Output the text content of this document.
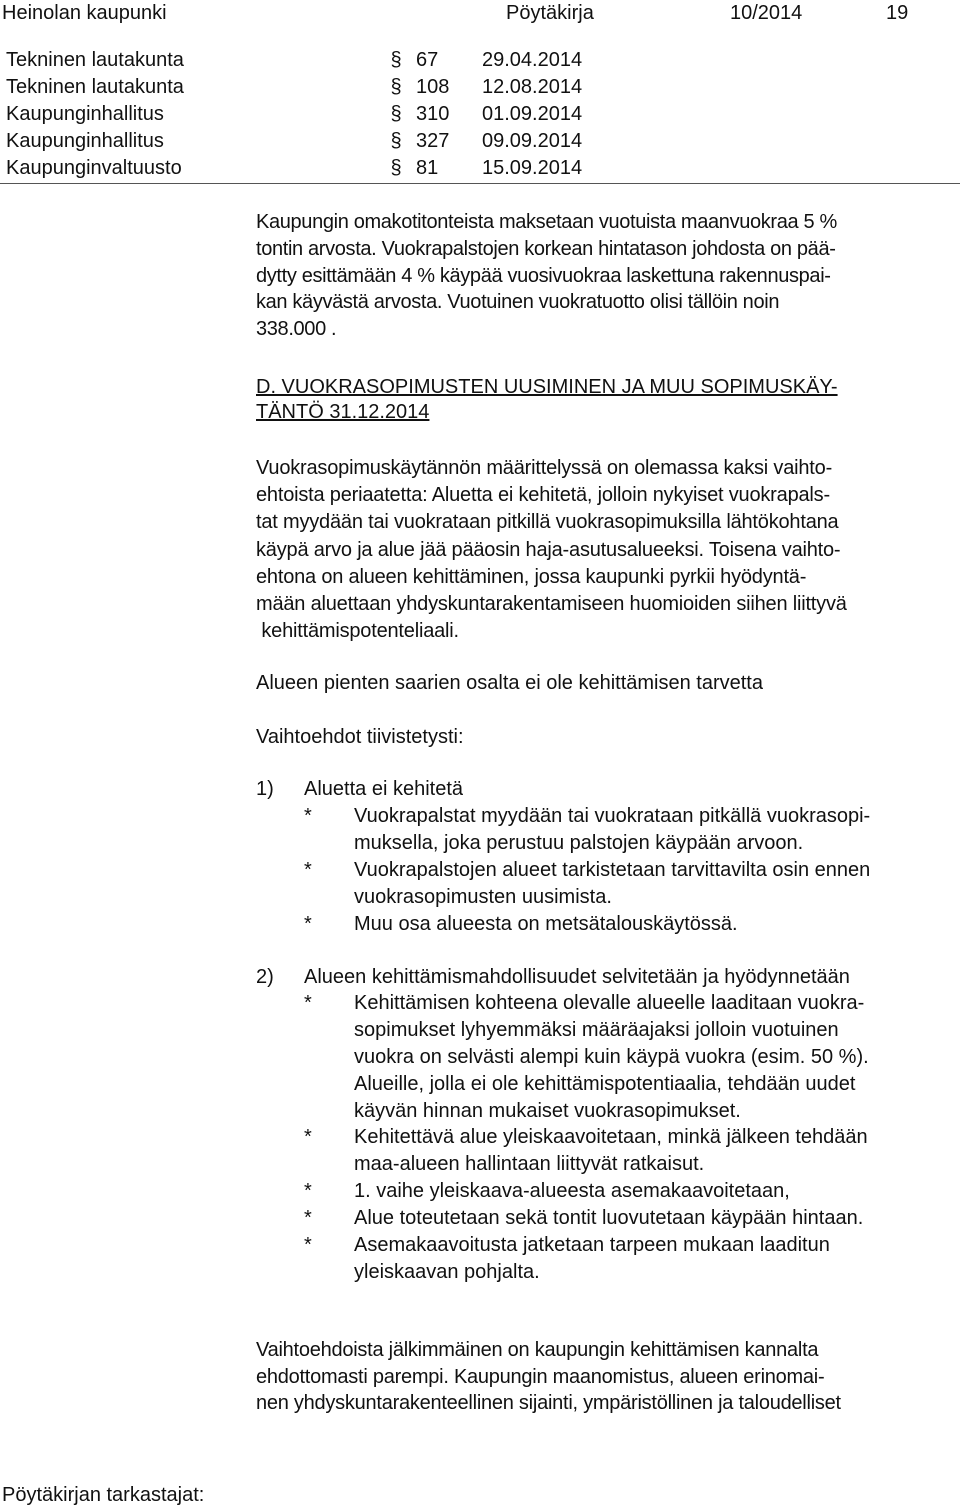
Heinolan kaupunki	Pöytäkirja	10/2014	19
Tekninen lautakunta	§ 67 29.04.2014
Tekninen lautakunta	§ 108 12.08.2014
Kaupunginhallitus	§ 310 01.09.2014
Kaupunginhallitus	§ 327 09.09.2014
Kaupunginvaltuusto	§ 81 15.09.2014
Kaupungin omakotitonteista maksetaan vuotuista maanvuokraa 5 %
tontin arvosta. Vuokrapalstojen korkean hintatason johdosta on pää-
dytty esittämään 4 % käypää vuosivuokraa laskettuna rakennuspai-
kan käyvästä arvosta. Vuotuinen vuokratuotto olisi tällöin noin
338.000 .
D. VUOKRASOPIMUSTEN UUSIMINEN JA MUU SOPIMUSKÄY-
TÄNTÖ 31.12.2014
Vuokrasopimuskäytännön määrittelyssä on olemassa kaksi vaihto-
ehtoista periaatetta: Aluetta ei kehitetä, jolloin nykyiset vuokrapals-
tat myydään tai vuokrataan pitkillä vuokrasopimuksilla lähtökohtana
käypä arvo ja alue jää pääosin haja-asutusalueeksi. Toisena vaihto-
ehtona on alueen kehittäminen, jossa kaupunki pyrkii hyödyntä-
mään aluettaan yhdyskuntarakentamiseen huomioiden siihen liittyvä
kehittämispotenteliaali.
Alueen pienten saarien osalta ei ole kehittämisen tarvetta
Vaihtoehdot tiivistetysti:
1) Aluetta ei kehitetä
* Vuokrapalstat myydään tai vuokrataan pitkällä vuokrasopi-
muksella, joka perustuu palstojen käypään arvoon.
* Vuokrapalstojen alueet tarkistetaan tarvittavilta osin ennen
vuokrasopimusten uusimista.
* Muu osa alueesta on metsätalouskäytössä.
2) Alueen kehittämismahdollisuudet selvitetään ja hyödynnetään
* Kehittämisen kohteena olevalle alueelle laaditaan vuokra-
sopimukset lyhyemmäksi määräajaksi jolloin vuotuinen
vuokra on selvästi alempi kuin käypä vuokra (esim. 50 %).
Alueille, jolla ei ole kehittämispotentiaalia, tehdään uudet
käyvän hinnan mukaiset vuokrasopimukset.
* Kehitettävä alue yleiskaavoitetaan, minkä jälkeen tehdään
maa-alueen hallintaan liittyvät ratkaisut.
* 1. vaihe yleiskaava-alueesta asemakaavoitetaan,
* Alue toteutetaan sekä tontit luovutetaan käypään hintaan.
* Asemakaavoitusta jatketaan tarpeen mukaan laaditun
yleiskaavan pohjalta.
Vaihtoehdoista jälkimmäinen on kaupungin kehittämisen kannalta
ehdottomasti parempi. Kaupungin maanomistus, alueen erinomai-
nen yhdyskuntarakenteellinen sijainti, ympäristöllinen ja taloudelliset
Pöytäkirjan tarkastajat:
